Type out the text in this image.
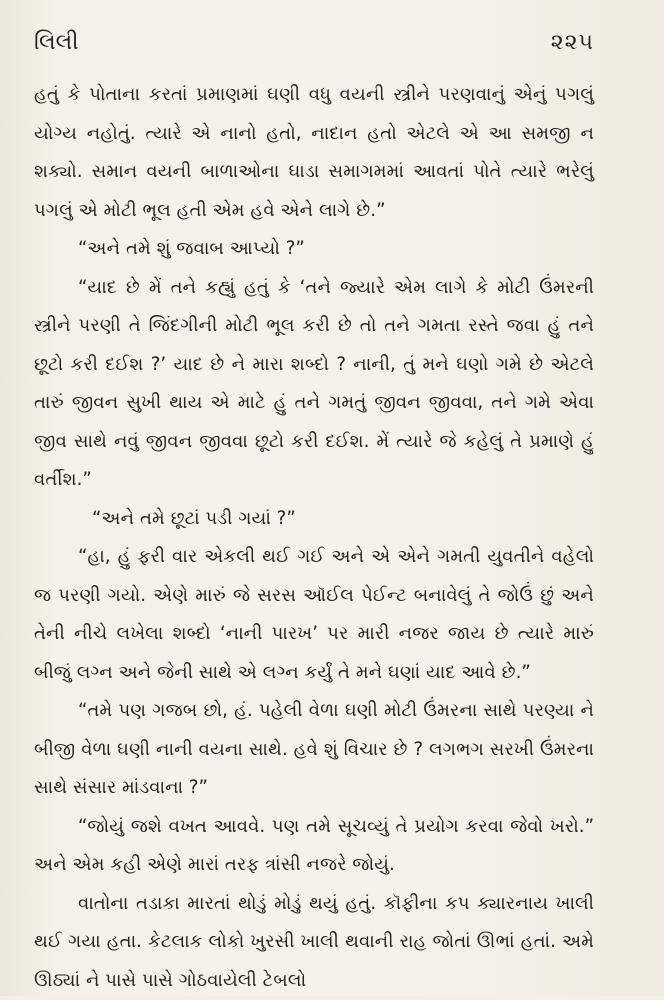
લિલી	૨૨૫

હતું કે પોતાના કરતાં પ્રમાણમાં ઘણી વધુ વયની સ્ત્રીને પરણવાનું એનું પગલું યોગ્ય નહોતું. ત્યારે એ નાનો હતો, નાદાન હતો એટલે એ આ સમજી ન શક્યો. સમાન વયની બાળાઓના ઘાડા સમાગમમાં આવતાં પોતે ત્યારે ભરેલું પગલું એ મોટી ભૂલ હતી એમ હવે એને લાગે છે.”

“અને તમે શું જવાબ આપ્યો ?”

“યાદ છે મેં તને કહ્યું હતું કે ‘તને જ્યારે એમ લાગે કે મોટી ઉંમરની સ્ત્રીને પરણી તે જિંદગીની મોટી ભૂલ કરી છે તો તને ગમતા રસ્તે જવા હું તને છૂટો કરી દઈશ ?’ યાદ છે ને મારા શબ્દો ? નાની, તું મને ઘણો ગમે છે એટલે તારું જીવન સુખી થાય એ માટે હું તને ગમતું જીવન જીવવા, તને ગમે એવા જીવ સાથે નવું જીવન જીવવા છૂટો કરી દઈશ. મેં ત્યારે જે કહેલું તે પ્રમાણે હું વર્તીશ.”

“અને તમે છૂટાં પડી ગયાં ?”

“હા, હું ફરી વાર એકલી થઈ ગઈ અને એ એને ગમતી યુવતીને વહેલો જ પરણી ગયો. એણે મારું જે સરસ ઑઈલ પેઈન્ટ બનાવેલું તે જોઉં છું અને તેની નીચે લખેલા શબ્દો ‘નાની પારખ’ પર મારી નજર જાય છે ત્યારે મારું બીજું લગ્ન અને જેની સાથે એ લગ્ન કર્યું તે મને ઘણાં યાદ આવે છે.”

“તમે પણ ગજબ છો, હં. પહેલી વેળા ઘણી મોટી ઉંમરના સાથે પરણ્યા ને બીજી વેળા ઘણી નાની વયના સાથે. હવે શું વિચાર છે ? લગભગ સરખી ઉંમરના સાથે સંસાર માંડવાના ?”

“જોયું જશે વખત આવવે. પણ તમે સૂચવ્યું તે પ્રયોગ કરવા જેવો ખરો.” અને એમ કહી એણે મારાં તરફ ત્રાંસી નજરે જોયું.

વાતોના તડાકા મારતાં થોડું મોડું થયું હતું. કૉફીના કપ ક્યારનાય ખાલી થઈ ગયા હતા. કેટલાક લોકો ખુરસી ખાલી થવાની રાહ જોતાં ઊભાં હતાં. અમે ઊઠ્યાં ને પાસે પાસે ગોઠવાયેલી ટેબલો
